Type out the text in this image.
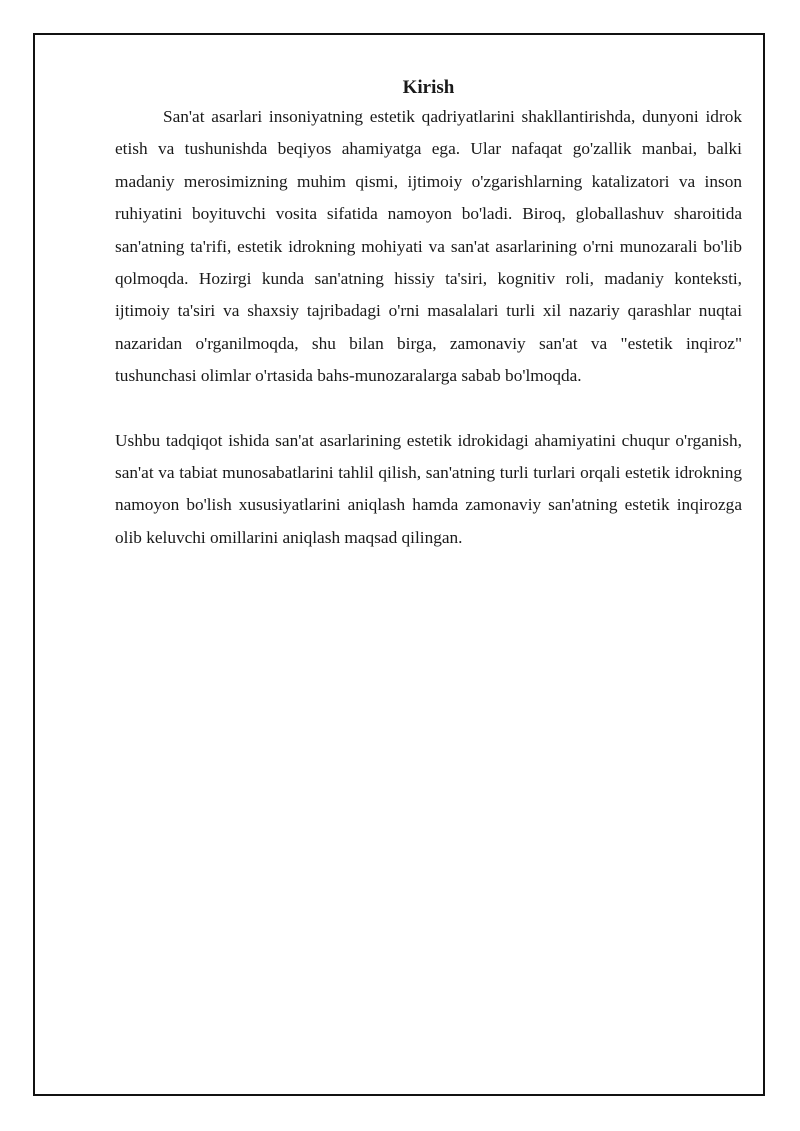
Kirish

San'at asarlari insoniyatning estetik qadriyatlarini shakllantirishda, dunyoni idrok etish va tushunishda beqiyos ahamiyatga ega. Ular nafaqat go'zallik manbai, balki madaniy merosimizning muhim qismi, ijtimoiy o'zgarishlarning katalizatori va inson ruhiyatini boyituvchi vosita sifatida namoyon bo'ladi. Biroq, globallashuv sharoitida san'atning ta'rifi, estetik idrokning mohiyati va san'at asarlarining o'rni munozarali bo'lib qolmoqda. Hozirgi kunda san'atning hissiy ta'siri, kognitiv roli, madaniy konteksti, ijtimoiy ta'siri va shaxsiy tajribadagi o'rni masalalari turli xil nazariy qarashlar nuqtai nazaridan o'rganilmoqda, shu bilan birga, zamonaviy san'at va "estetik inqiroz" tushunchasi olimlar o'rtasida bahs-munozaralarga sabab bo'lmoqda.

Ushbu tadqiqot ishida san'at asarlarining estetik idrokidagi ahamiyatini chuqur o'rganish, san'at va tabiat munosabatlarini tahlil qilish, san'atning turli turlari orqali estetik idrokning namoyon bo'lish xususiyatlarini aniqlash hamda zamonaviy san'atning estetik inqirozga olib keluvchi omillarini aniqlash maqsad qilingan.
